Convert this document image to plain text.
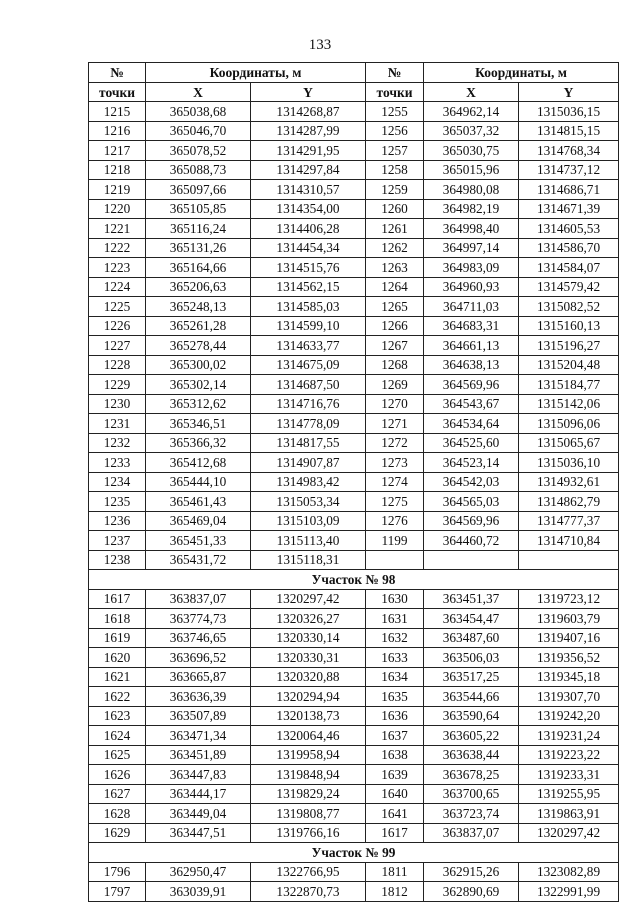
133
№	Координаты, м		№	Координаты, м	
точки	X	Y	точки	X	Y
1215	365038,68	1314268,87	1255	364962,14	1315036,15
1216	365046,70	1314287,99	1256	365037,32	1314815,15
1217	365078,52	1314291,95	1257	365030,75	1314768,34
1218	365088,73	1314297,84	1258	365015,96	1314737,12
1219	365097,66	1314310,57	1259	364980,08	1314686,71
1220	365105,85	1314354,00	1260	364982,19	1314671,39
1221	365116,24	1314406,28	1261	364998,40	1314605,53
1222	365131,26	1314454,34	1262	364997,14	1314586,70
1223	365164,66	1314515,76	1263	364983,09	1314584,07
1224	365206,63	1314562,15	1264	364960,93	1314579,42
1225	365248,13	1314585,03	1265	364711,03	1315082,52
1226	365261,28	1314599,10	1266	364683,31	1315160,13
1227	365278,44	1314633,77	1267	364661,13	1315196,27
1228	365300,02	1314675,09	1268	364638,13	1315204,48
1229	365302,14	1314687,50	1269	364569,96	1315184,77
1230	365312,62	1314716,76	1270	364543,67	1315142,06
1231	365346,51	1314778,09	1271	364534,64	1315096,06
1232	365366,32	1314817,55	1272	364525,60	1315065,67
1233	365412,68	1314907,87	1273	364523,14	1315036,10
1234	365444,10	1314983,42	1274	364542,03	1314932,61
1235	365461,43	1315053,34	1275	364565,03	1314862,79
1236	365469,04	1315103,09	1276	364569,96	1314777,37
1237	365451,33	1315113,40	1199	364460,72	1314710,84
1238	365431,72	1315118,31			
Участок № 98					
1617	363837,07	1320297,42	1630	363451,37	1319723,12
1618	363774,73	1320326,27	1631	363454,47	1319603,79
1619	363746,65	1320330,14	1632	363487,60	1319407,16
1620	363696,52	1320330,31	1633	363506,03	1319356,52
1621	363665,87	1320320,88	1634	363517,25	1319345,18
1622	363636,39	1320294,94	1635	363544,66	1319307,70
1623	363507,89	1320138,73	1636	363590,64	1319242,20
1624	363471,34	1320064,46	1637	363605,22	1319231,24
1625	363451,89	1319958,94	1638	363638,44	1319223,22
1626	363447,83	1319848,94	1639	363678,25	1319233,31
1627	363444,17	1319829,24	1640	363700,65	1319255,95
1628	363449,04	1319808,77	1641	363723,74	1319863,91
1629	363447,51	1319766,16	1617	363837,07	1320297,42
Участок № 99					
1796	362950,47	1322766,95	1811	362915,26	1323082,89
1797	363039,91	1322870,73	1812	362890,69	1322991,99
